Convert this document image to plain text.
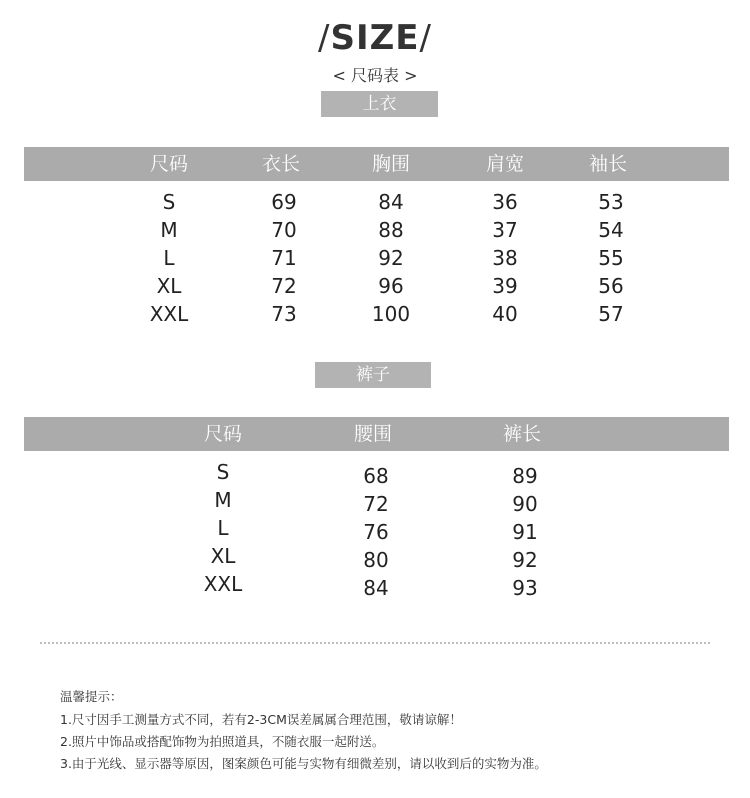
/SIZE/
< 尺码表 >
上衣
尺码	衣长	胸围	肩宽	袖长
S	69	84	36	53
M	70	88	37	54
L	71	92	38	55
XL	72	96	39	56
XXL	73	100	40	57
裤子
尺码	腰围	裤长
S	68	89
M	72	90
L	76	91
XL	80	92
XXL	84	93
温馨提示：
1.尺寸因手工测量方式不同，若有2-3CM误差属属合理范围，敬请谅解！
2.照片中饰品或搭配饰物为拍照道具，不随衣服一起附送。
3.由于光线、显示器等原因，图案颜色可能与实物有细微差别，请以收到后的实物为准。
